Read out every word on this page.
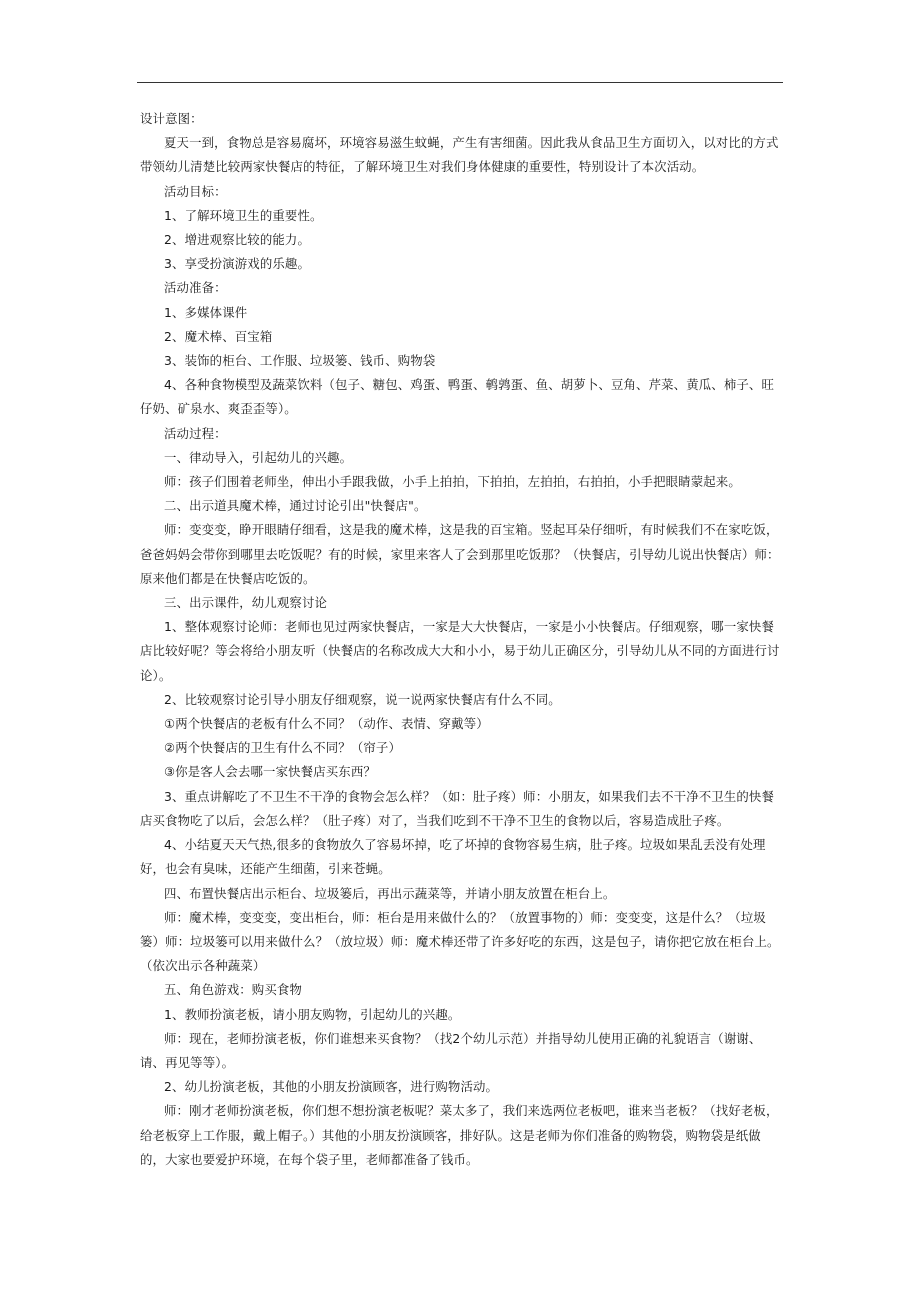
设计意图：

夏天一到，食物总是容易腐坏，环境容易滋生蚊蝇，产生有害细菌。因此我从食品卫生方面切入，以对比的方式带领幼儿清楚比较两家快餐店的特征，了解环境卫生对我们身体健康的重要性，特别设计了本次活动。

活动目标：

1、了解环境卫生的重要性。

2、增进观察比较的能力。

3、享受扮演游戏的乐趣。

活动准备：

1、多媒体课件

2、魔术棒、百宝箱

3、装饰的柜台、工作服、垃圾篓、钱币、购物袋

4、各种食物模型及蔬菜饮料（包子、糖包、鸡蛋、鸭蛋、鹌鹑蛋、鱼、胡萝卜、豆角、芹菜、黄瓜、柿子、旺仔奶、矿泉水、爽歪歪等）。

活动过程：

一、律动导入，引起幼儿的兴趣。

师：孩子们围着老师坐，伸出小手跟我做，小手上拍拍，下拍拍，左拍拍，右拍拍，小手把眼睛蒙起来。

二、出示道具魔术棒，通过讨论引出"快餐店"。

师：变变变，睁开眼睛仔细看，这是我的魔术棒，这是我的百宝箱。竖起耳朵仔细听，有时候我们不在家吃饭，爸爸妈妈会带你到哪里去吃饭呢？有的时候，家里来客人了会到那里吃饭那？（快餐店，引导幼儿说出快餐店）师：原来他们都是在快餐店吃饭的。

三、出示课件，幼儿观察讨论

1、整体观察讨论师：老师也见过两家快餐店，一家是大大快餐店，一家是小小快餐店。仔细观察，哪一家快餐店比较好呢？等会将给小朋友听（快餐店的名称改成大大和小小，易于幼儿正确区分，引导幼儿从不同的方面进行讨论）。

2、比较观察讨论引导小朋友仔细观察，说一说两家快餐店有什么不同。

①两个快餐店的老板有什么不同？（动作、表情、穿戴等）

②两个快餐店的卫生有什么不同？（帘子）

③你是客人会去哪一家快餐店买东西？

3、重点讲解吃了不卫生不干净的食物会怎么样？（如：肚子疼）师：小朋友，如果我们去不干净不卫生的快餐店买食物吃了以后，会怎么样？（肚子疼）对了，当我们吃到不干净不卫生的食物以后，容易造成肚子疼。

4、小结夏天天气热,很多的食物放久了容易坏掉，吃了坏掉的食物容易生病，肚子疼。垃圾如果乱丢没有处理好，也会有臭味，还能产生细菌，引来苍蝇。

四、布置快餐店出示柜台、垃圾篓后，再出示蔬菜等，并请小朋友放置在柜台上。

师：魔术棒，变变变，变出柜台，师：柜台是用来做什么的？（放置事物的）师：变变变，这是什么？（垃圾篓）师：垃圾篓可以用来做什么？（放垃圾）师：魔术棒还带了许多好吃的东西，这是包子，请你把它放在柜台上。（依次出示各种蔬菜）

五、角色游戏：购买食物

1、教师扮演老板，请小朋友购物，引起幼儿的兴趣。

师：现在，老师扮演老板，你们谁想来买食物？（找2个幼儿示范）并指导幼儿使用正确的礼貌语言（谢谢、请、再见等等）。

2、幼儿扮演老板，其他的小朋友扮演顾客，进行购物活动。

师：刚才老师扮演老板，你们想不想扮演老板呢？菜太多了，我们来选两位老板吧，谁来当老板？（找好老板，给老板穿上工作服，戴上帽子。）其他的小朋友扮演顾客，排好队。这是老师为你们准备的购物袋，购物袋是纸做的，大家也要爱护环境，在每个袋子里，老师都准备了钱币。
